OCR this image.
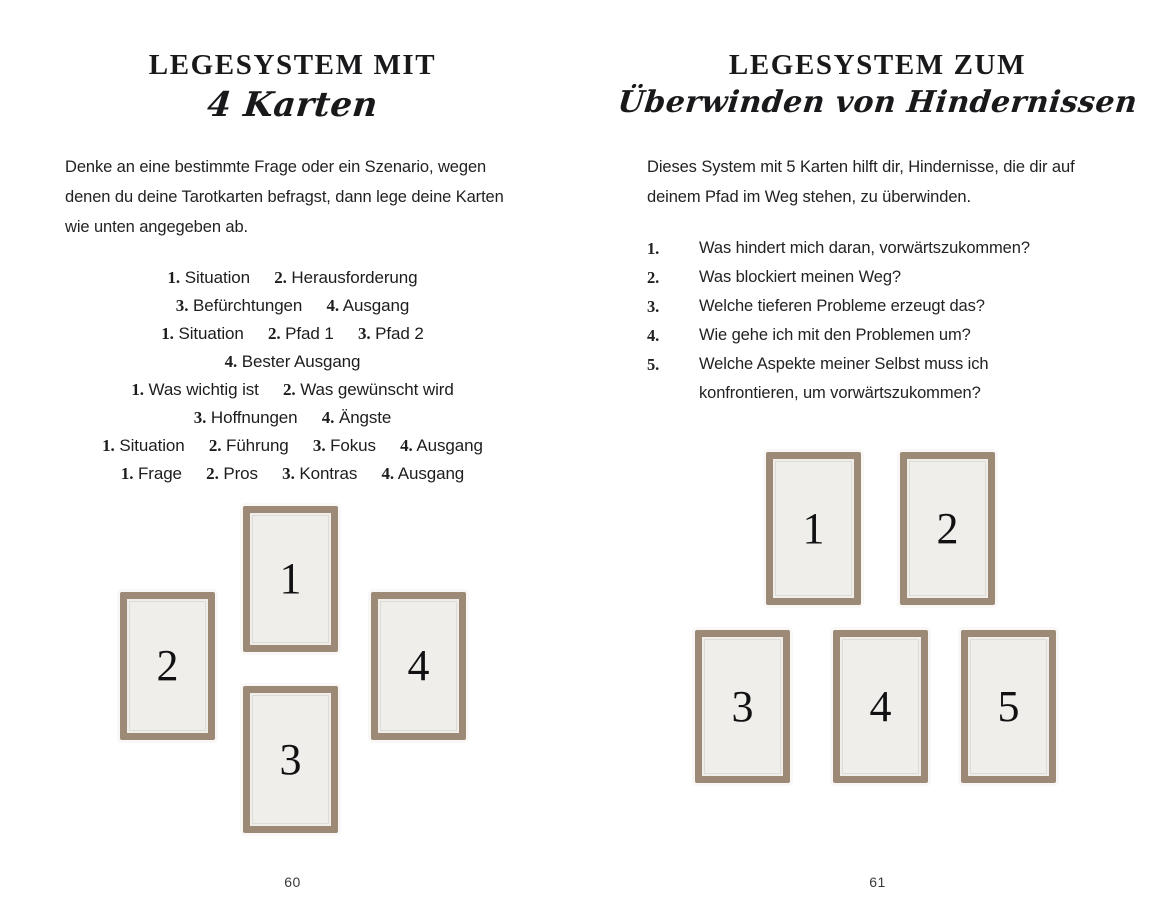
LEGESYSTEM MIT
4 Karten
Denke an eine bestimmte Frage oder ein Szenario, wegen denen du deine Tarotkarten befragst, dann lege deine Karten wie unten angegeben ab.
1. Situation 2. Herausforderung
3. Befürchtungen 4. Ausgang
1. Situation 2. Pfad 1 3. Pfad 2
4. Bester Ausgang
1. Was wichtig ist 2. Was gewünscht wird
3. Hoffnungen 4. Ängste
1. Situation 2. Führung 3. Fokus 4. Ausgang
1. Frage 2. Pros 3. Kontras 4. Ausgang
1
2
3
4
60
LEGESYSTEM ZUM
Überwinden von Hindernissen
Dieses System mit 5 Karten hilft dir, Hindernisse, die dir auf deinem Pfad im Weg stehen, zu überwinden.
1.	Was hindert mich daran, vorwärtszukommen?
2.	Was blockiert meinen Weg?
3.	Welche tieferen Probleme erzeugt das?
4.	Wie gehe ich mit den Problemen um?
5.	Welche Aspekte meiner Selbst muss ich
konfrontieren, um vorwärtszukommen?
1	2
3	4	5
61
